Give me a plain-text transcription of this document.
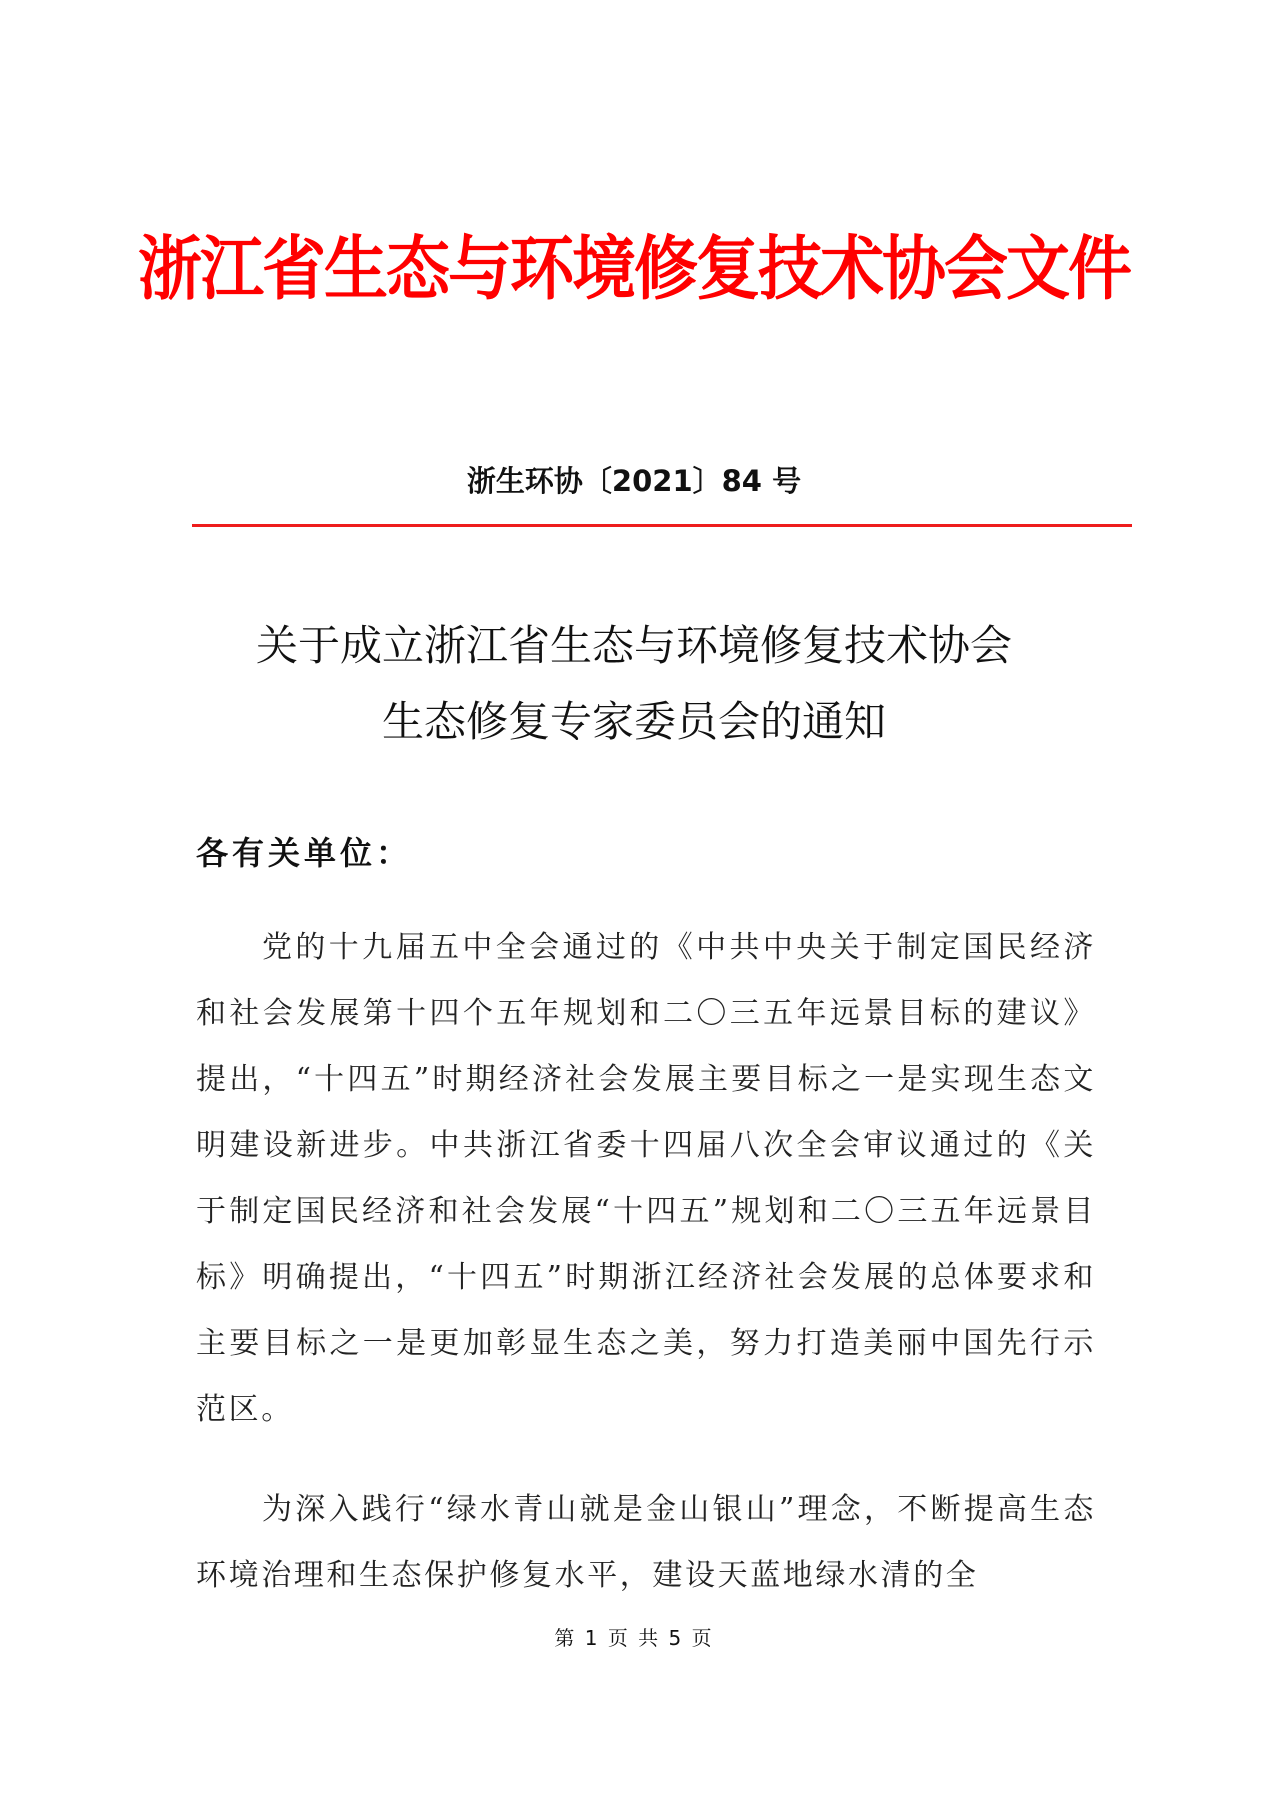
浙江省生态与环境修复技术协会文件
浙生环协〔2021〕84 号
关于成立浙江省生态与环境修复技术协会
生态修复专家委员会的通知
各有关单位：
党的十九届五中全会通过的《中共中央关于制定国民经济和社会发展第十四个五年规划和二〇三五年远景目标的建议》提出，“十四五”时期经济社会发展主要目标之一是实现生态文明建设新进步。中共浙江省委十四届八次全会审议通过的《关于制定国民经济和社会发展“十四五”规划和二〇三五年远景目标》明确提出，“十四五”时期浙江经济社会发展的总体要求和主要目标之一是更加彰显生态之美，努力打造美丽中国先行示范区。
为深入践行“绿水青山就是金山银山”理念，不断提高生态环境治理和生态保护修复水平，建设天蓝地绿水清的全
第 1 页 共 5 页
